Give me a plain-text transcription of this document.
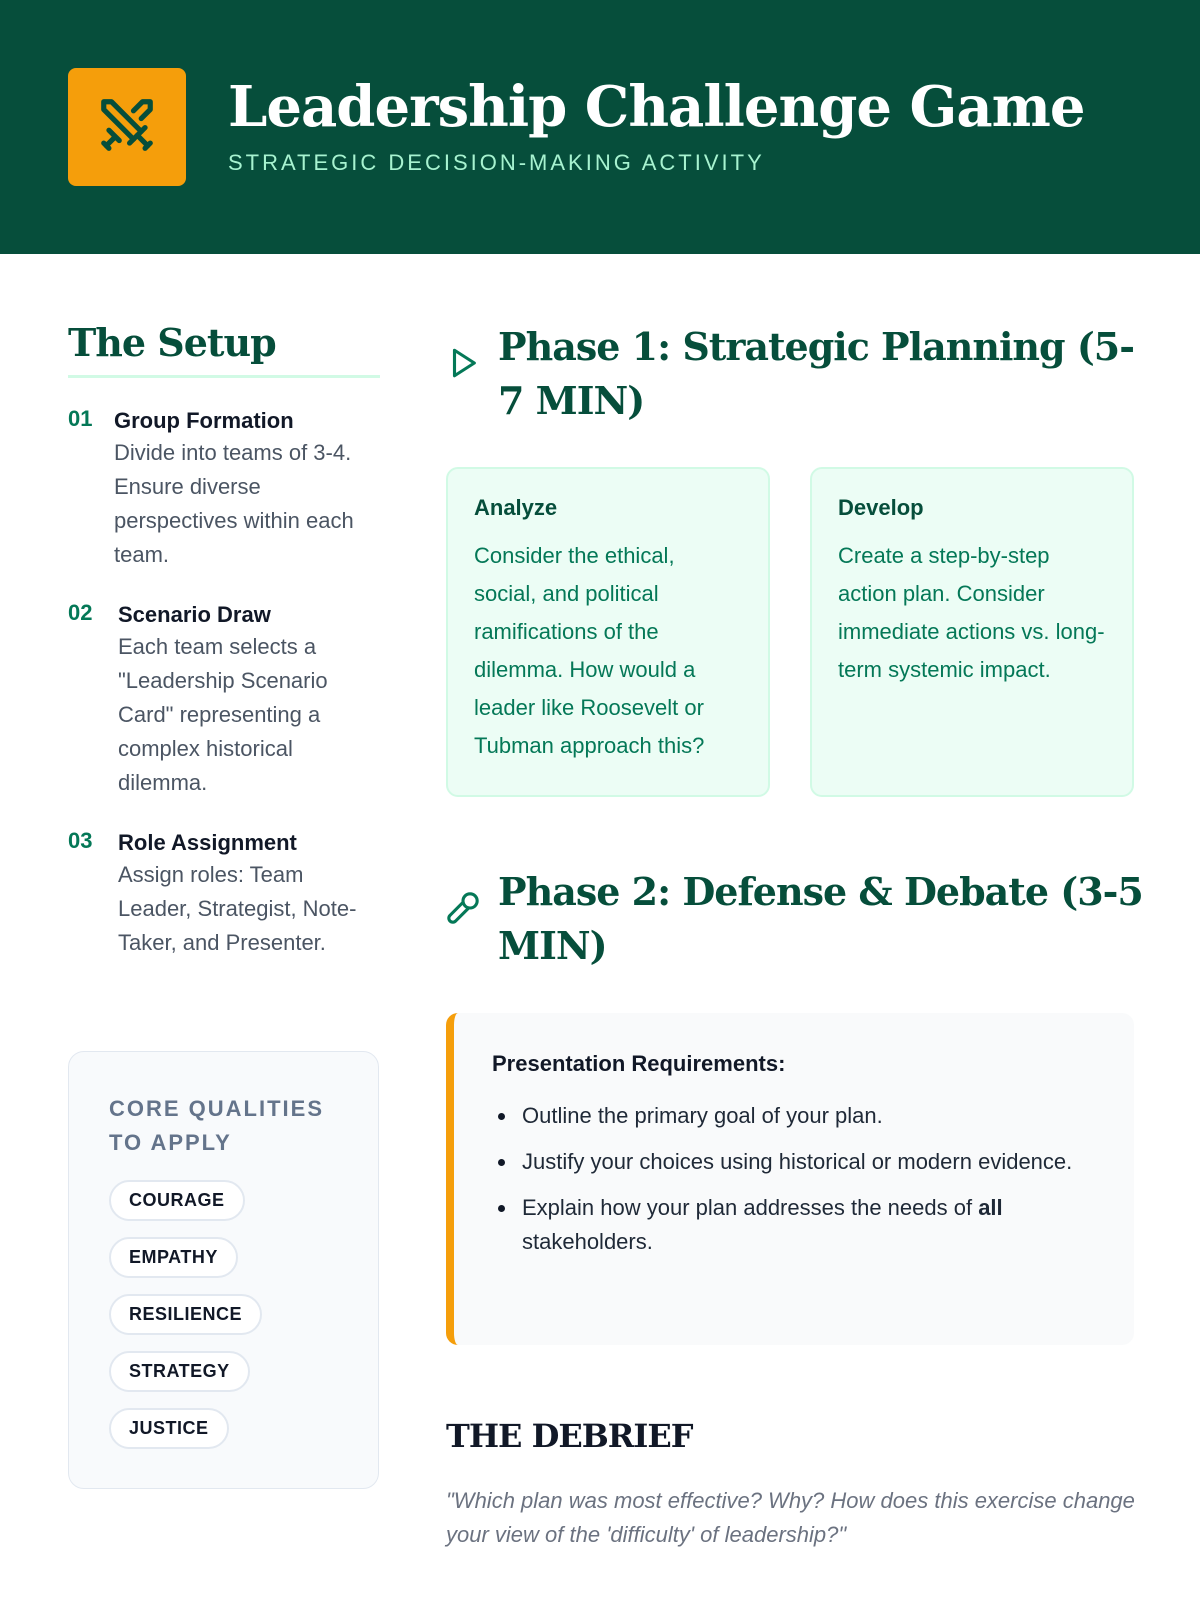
Leadership Challenge Game
STRATEGIC DECISION-MAKING ACTIVITY
The Setup
01 Group Formation
Divide into teams of 3-4. Ensure diverse perspectives within each team.
02 Scenario Draw
Each team selects a "Leadership Scenario Card" representing a complex historical dilemma.
03 Role Assignment
Assign roles: Team Leader, Strategist, Note-Taker, and Presenter.
CORE QUALITIES TO APPLY
COURAGE
EMPATHY
RESILIENCE
STRATEGY
JUSTICE
Phase 1: Strategic Planning (5-7 MIN)
Analyze
Consider the ethical, social, and political ramifications of the dilemma. How would a leader like Roosevelt or Tubman approach this?
Develop
Create a step-by-step action plan. Consider immediate actions vs. long-term systemic impact.
Phase 2: Defense & Debate (3-5 MIN)
Presentation Requirements:
Outline the primary goal of your plan.
Justify your choices using historical or modern evidence.
Explain how your plan addresses the needs of all stakeholders.
THE DEBRIEF

"Which plan was most effective? Why? How does this exercise change your view of the 'difficulty' of leadership?"
